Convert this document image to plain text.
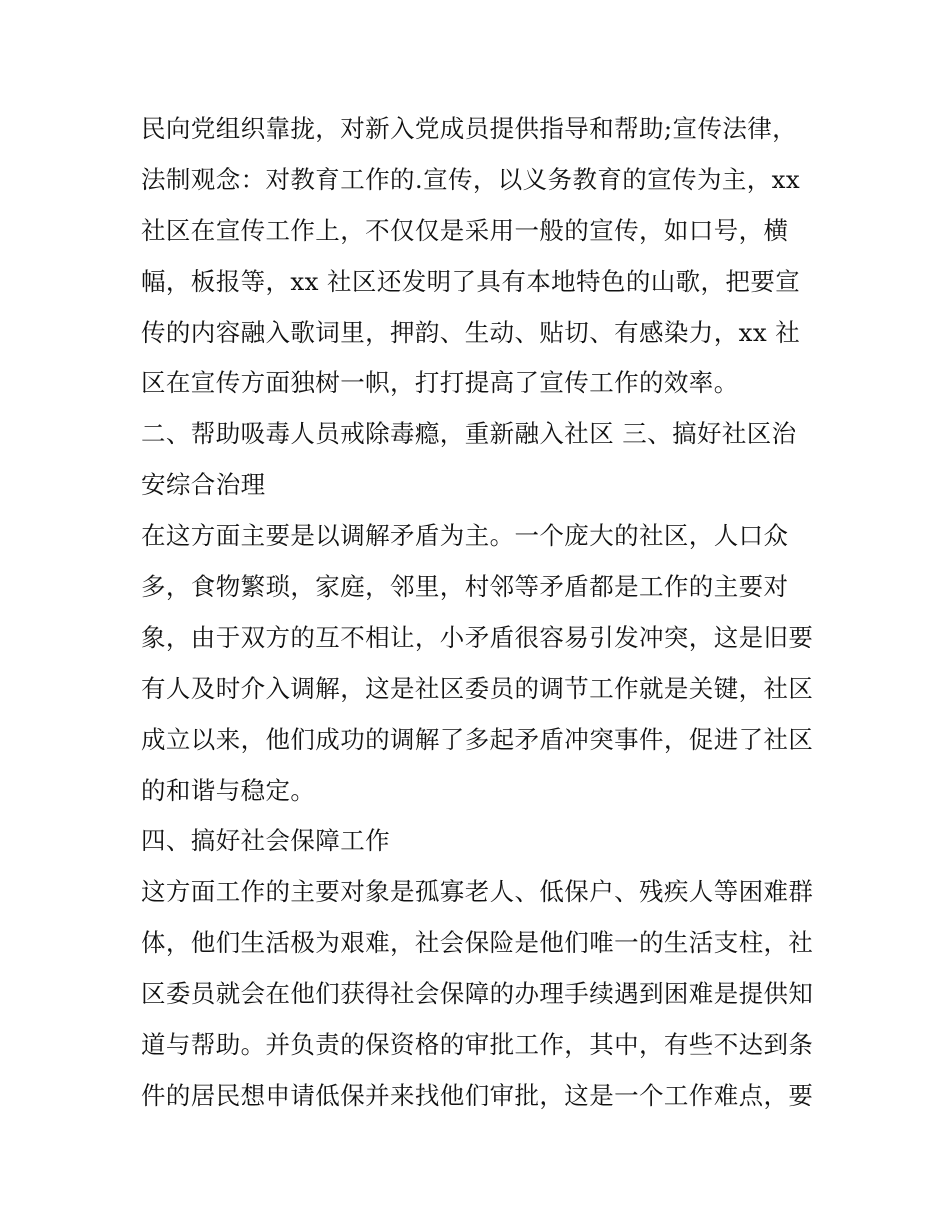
民向党组织靠拢，对新入党成员提供指导和帮助;宣传法律，
法制观念：对教育工作的.宣传，以义务教育的宣传为主，xx
社区在宣传工作上，不仅仅是采用一般的宣传，如口号，横
幅，板报等，xx 社区还发明了具有本地特色的山歌，把要宣
传的内容融入歌词里，押韵、生动、贴切、有感染力，xx 社
区在宣传方面独树一帜，打打提高了宣传工作的效率。
二、帮助吸毒人员戒除毒瘾，重新融入社区 三、搞好社区治
安综合治理
在这方面主要是以调解矛盾为主。一个庞大的社区，人口众
多，食物繁琐，家庭，邻里，村邻等矛盾都是工作的主要对
象，由于双方的互不相让，小矛盾很容易引发冲突，这是旧要
有人及时介入调解，这是社区委员的调节工作就是关键，社区
成立以来，他们成功的调解了多起矛盾冲突事件，促进了社区
的和谐与稳定。
四、搞好社会保障工作
这方面工作的主要对象是孤寡老人、低保户、残疾人等困难群
体，他们生活极为艰难，社会保险是他们唯一的生活支柱，社
区委员就会在他们获得社会保障的办理手续遇到困难是提供知
道与帮助。并负责的保资格的审批工作，其中，有些不达到条
件的居民想申请低保并来找他们审批，这是一个工作难点，要
